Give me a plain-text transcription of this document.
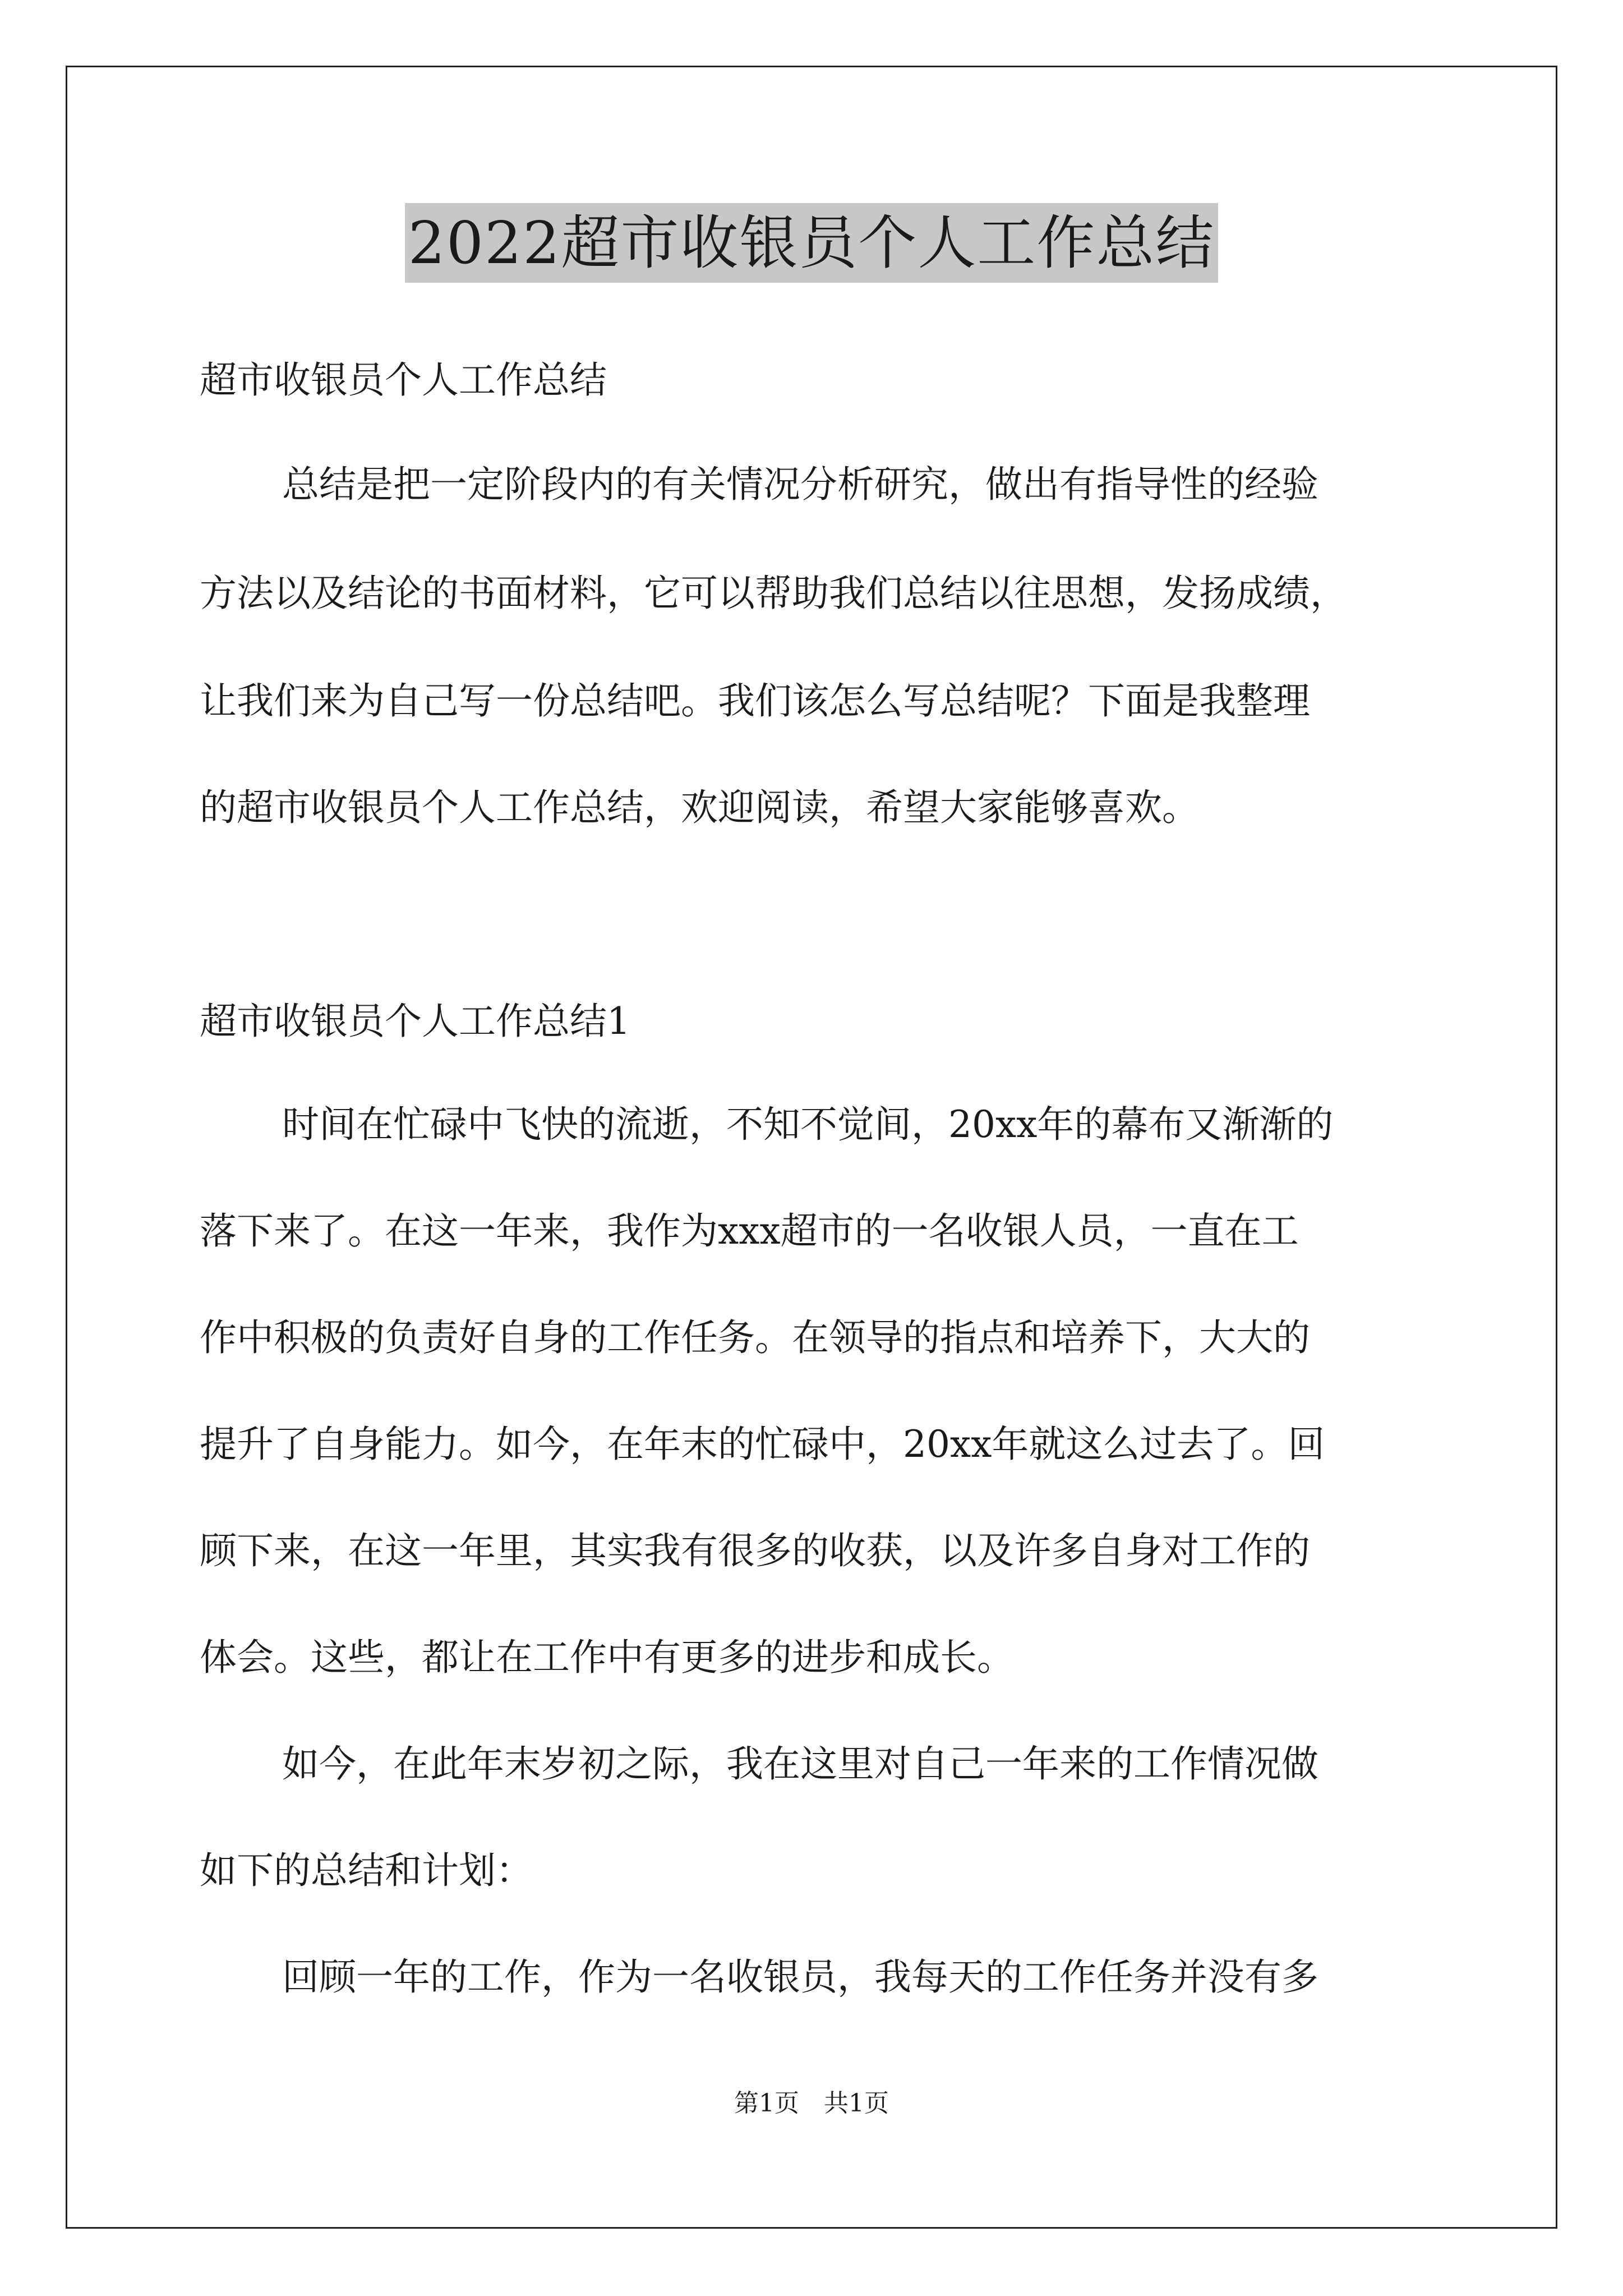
2022超市收银员个人工作总结
超市收银员个人工作总结
总结是把一定阶段内的有关情况分析研究，做出有指导性的经验
方法以及结论的书面材料，它可以帮助我们总结以往思想，发扬成绩，
让我们来为自己写一份总结吧。我们该怎么写总结呢？下面是我整理
的超市收银员个人工作总结，欢迎阅读，希望大家能够喜欢。
超市收银员个人工作总结1
时间在忙碌中飞快的流逝，不知不觉间，20xx年的幕布又渐渐的
落下来了。在这一年来，我作为xxx超市的一名收银人员，一直在工
作中积极的负责好自身的工作任务。在领导的指点和培养下，大大的
提升了自身能力。如今，在年末的忙碌中，20xx年就这么过去了。回
顾下来，在这一年里，其实我有很多的收获，以及许多自身对工作的
体会。这些，都让在工作中有更多的进步和成长。
如今，在此年末岁初之际，我在这里对自己一年来的工作情况做
如下的总结和计划：
回顾一年的工作，作为一名收银员，我每天的工作任务并没有多
第1页　共1页
